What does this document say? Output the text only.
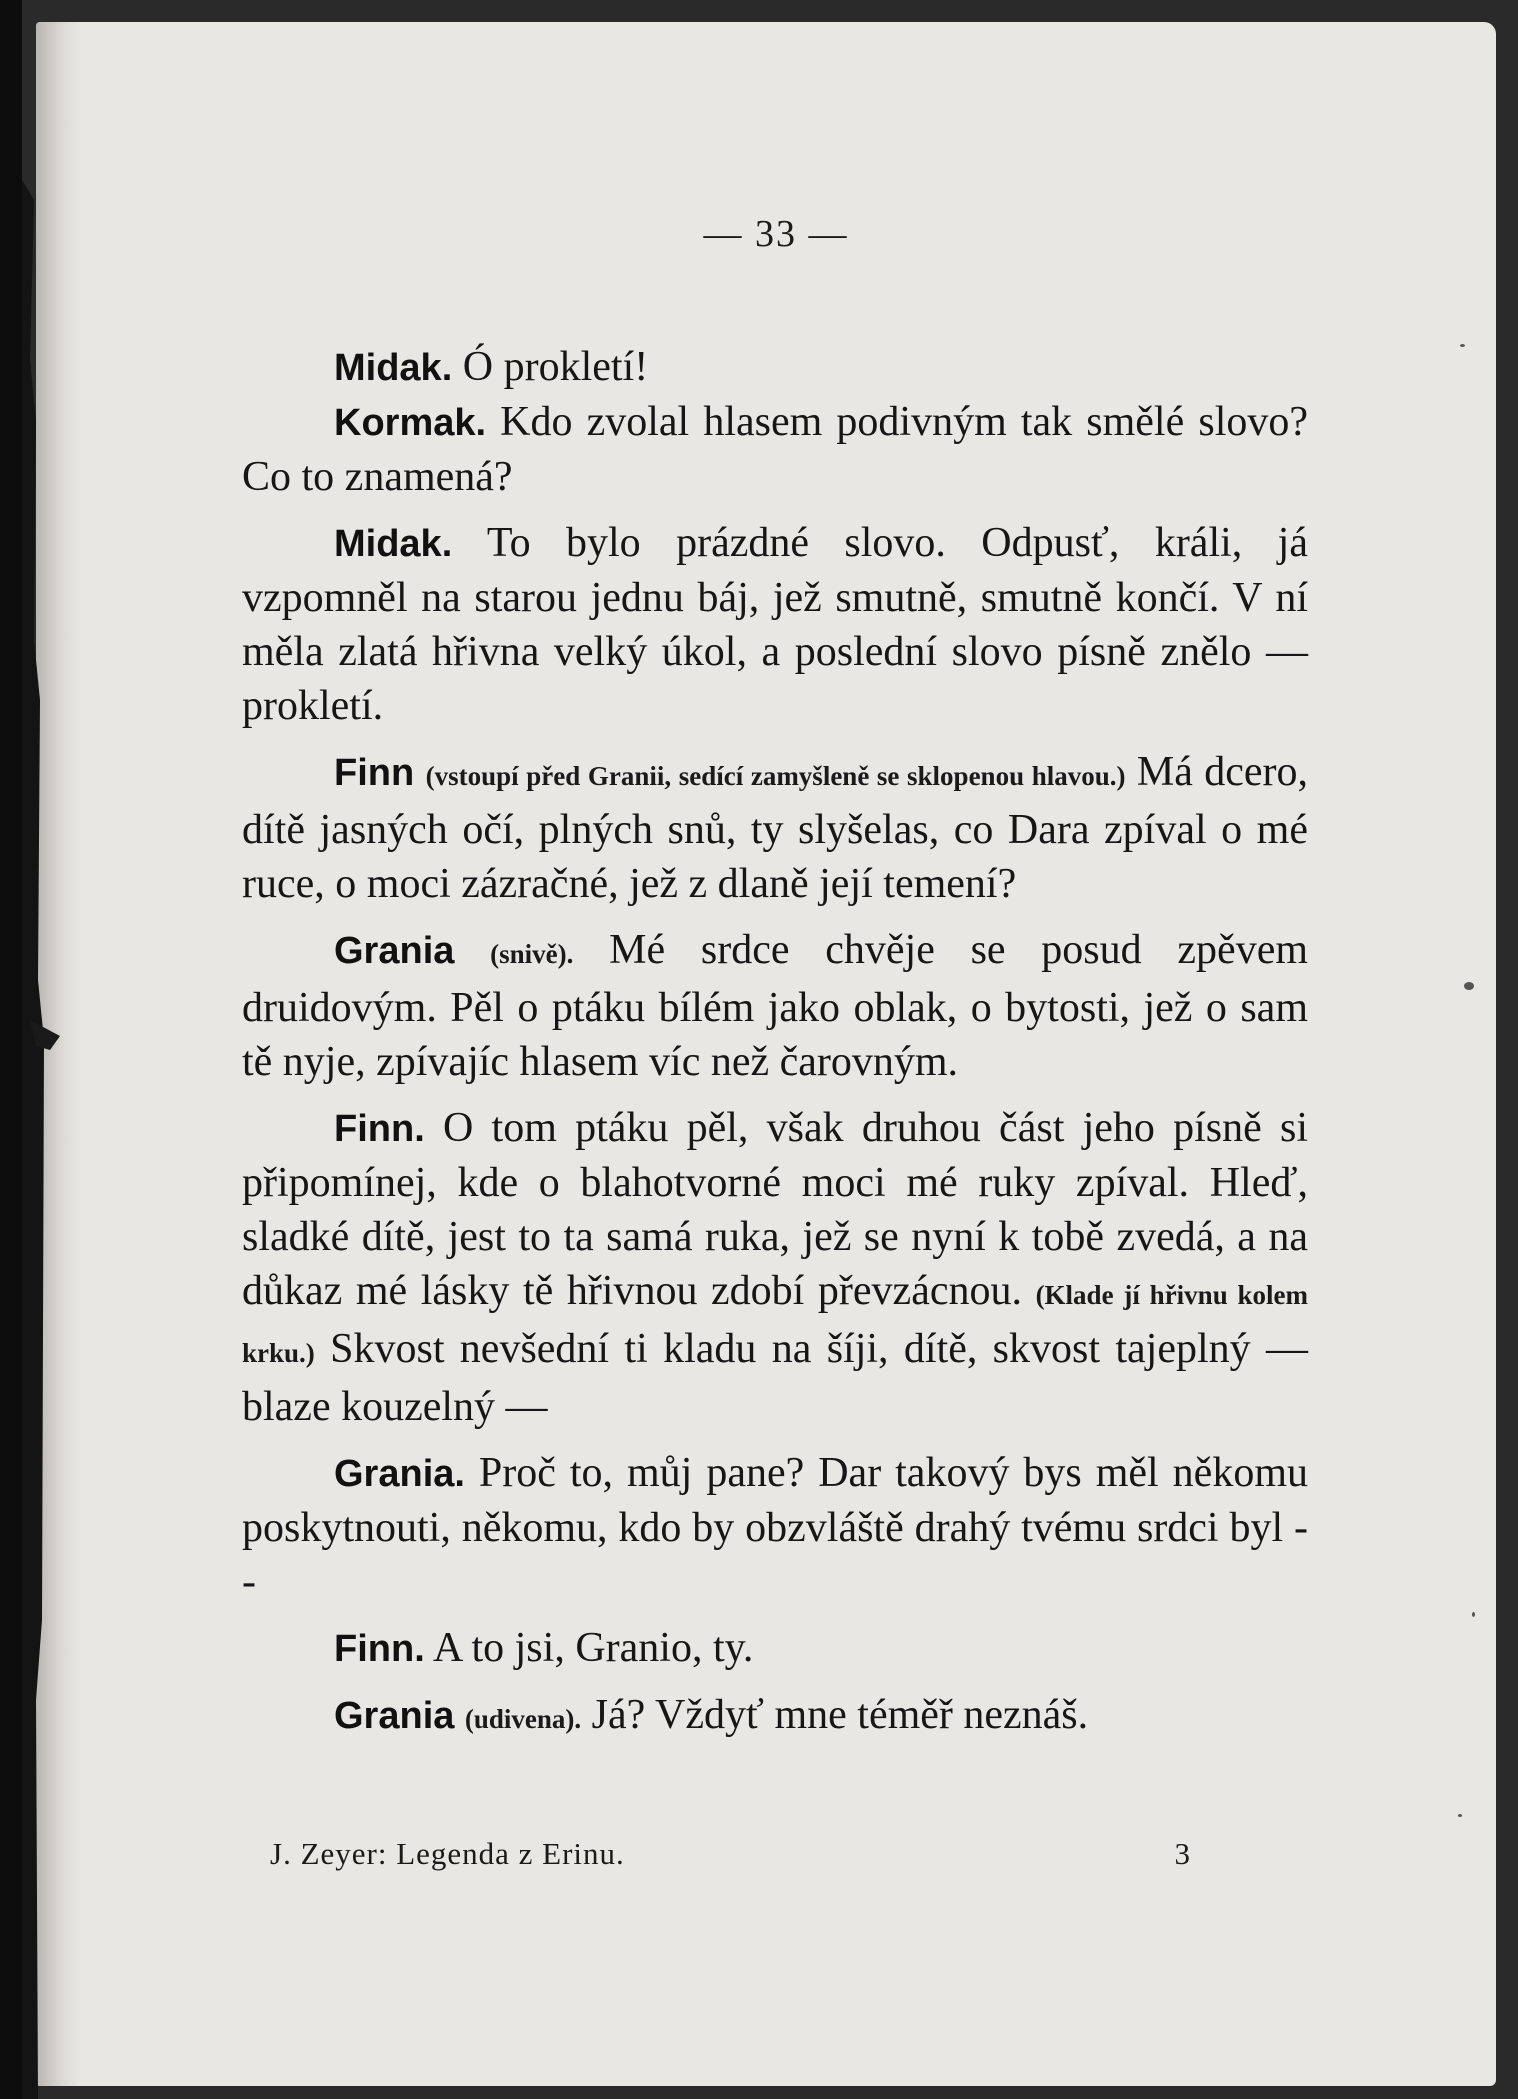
— 33 —

Midak. Ó prokletí!

Kormak. Kdo zvolal hlasem podivným tak smělé slovo? Co to znamená?

Midak. To bylo prázdné slovo. Odpusť, králi, já vzpomněl na starou jednu báj, jež smutně, smutně končí. V ní měla zlatá hřivna velký úkol, a poslední slovo písně znělo — prokletí.

Finn (vstoupí před Granii, sedící zamyšleně se sklopenou hlavou.) Má dcero, dítě jasných očí, plných snů, ty slyšelas, co Dara zpíval o mé ruce, o moci zázračné, jež z dlaně její temení?

Grania (snivě). Mé srdce chvěje se posud zpěvem druidovým. Pěl o ptáku bílém jako oblak, o bytosti, jež o sam tě nyje, zpívajíc hlasem víc než čarovným.

Finn. O tom ptáku pěl, však druhou část jeho písně si připomínej, kde o blahotvorné moci mé ruky zpíval. Hleď, sladké dítě, jest to ta samá ruka, jež se nyní k tobě zvedá, a na důkaz mé lásky tě hřivnou zdobí převzácnou. (Klade jí hřivnu kolem krku.) Skvost nevšední ti kladu na šíji, dítě, skvost tajeplný — blaze kouzelný —

Grania. Proč to, můj pane? Dar takový bys měl někomu poskytnouti, někomu, kdo by obzvláště drahý tvému srdci byl --

Finn. A to jsi, Granio, ty.

Grania (udivena). Já? Vždyť mne téměř neznáš.

J. Zeyer: Legenda z Erinu.	3
